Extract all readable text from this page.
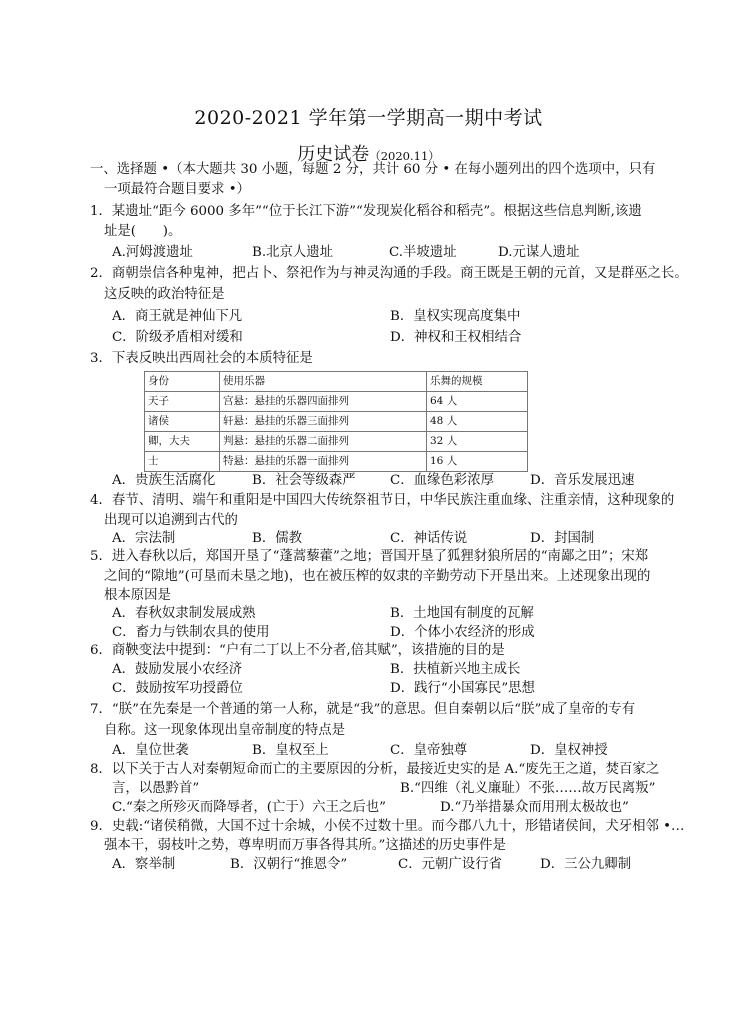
2020-2021 学年第一学期高一期中考试
历史试卷（2020.11）
一、选择题 •（本大题共 30 小题，每题 2 分，共计 60 分 • 在每小题列出的四个选项中，只有
一项最符合题目要求 •）
1．某遗址“距今 6000 多年”“位于长江下游”“发现炭化稻谷和稻壳”。根据这些信息判断,该遗
址是(　　)。
A.河姆渡遗址	B.北京人遗址	C.半坡遗址	D.元谋人遗址
2．商朝崇信各种鬼神，把占卜、祭祀作为与神灵沟通的手段。商王既是王朝的元首，又是群巫之长。
这反映的政治特征是
A．商王就是神仙下凡	B．皇权实现高度集中
C．阶级矛盾相对缓和	D．神权和王权相结合
3．下表反映出西周社会的本质特征是
身份	使用乐器	乐舞的规模
天子	宫悬：悬挂的乐器四面排列	64 人
诸侯	轩悬：悬挂的乐器三面排列	48 人
卿，大夫	判悬：悬挂的乐器二面排列	32 人
士	特悬：悬挂的乐器一面排列	16 人
A．贵族生活腐化	B．社会等级森严	C．血缘色彩浓厚	D．音乐发展迅速
4．春节、清明、端午和重阳是中国四大传统祭祖节日，中华民族注重血缘、注重亲情，这种现象的
出现可以追溯到古代的
A．宗法制	B．儒教	C．神话传说	D．封国制
5．进入春秋以后，郑国开垦了“蓬蒿藜藿”之地；晋国开垦了狐狸豺狼所居的“南鄙之田”；宋郑
之间的“隙地”(可垦而未垦之地)，也在被压榨的奴隶的辛勤劳动下开垦出来。上述现象出现的
根本原因是
A．春秋奴隶制发展成熟	B．土地国有制度的瓦解
C．畜力与铁制农具的使用	D．个体小农经济的形成
6．商鞅变法中提到：“户有二丁以上不分者,倍其赋”，该措施的目的是
A．鼓励发展小农经济	B．扶植新兴地主成长
C．鼓励按军功授爵位	D．践行“小国寡民”思想
7．“朕”在先秦是一个普通的第一人称，就是“我”的意思。但自秦朝以后“朕”成了皇帝的专有
自称。这一现象体现出皇帝制度的特点是
A．皇位世袭	B．皇权至上	C．皇帝独尊	D．皇权神授
8．以下关于古人对秦朝短命而亡的主要原因的分析，最接近史实的是 A.“废先王之道，焚百家之
言，以愚黔首”	B.“四维（礼义廉耻）不张……故万民离叛”
C.“秦之所殄灭而降辱者，(亡于）六王之后也”	D.“乃举措暴众而用刑太极故也”
9．史载:“诸侯稍微，大国不过十余城，小侯不过数十里。而今郡八九十，形错诸侯间，犬牙相邻 •…
强本干，弱枝叶之势，尊卑明而万事各得其所。”这描述的历史事件是
A．察举制	B．汉朝行“推恩令”	C．元朝广设行省	D．三公九卿制
